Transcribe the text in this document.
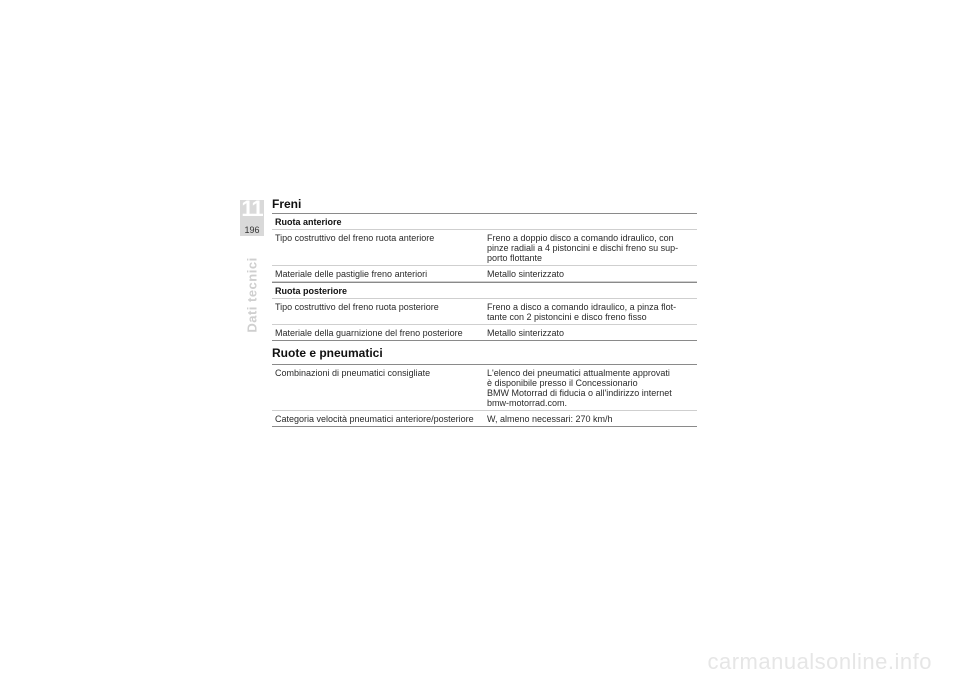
11
196
Dati tecnici
Freni
Ruota anteriore
Tipo costruttivo del freno ruota anteriore	Freno a doppio disco a comando idraulico, con
pinze radiali a 4 pistoncini e dischi freno su sup-
porto flottante
Materiale delle pastiglie freno anteriori	Metallo sinterizzato
Ruota posteriore
Tipo costruttivo del freno ruota posteriore	Freno a disco a comando idraulico, a pinza flot-
tante con 2 pistoncini e disco freno fisso
Materiale della guarnizione del freno posteriore	Metallo sinterizzato
Ruote e pneumatici
Combinazioni di pneumatici consigliate	L'elenco dei pneumatici attualmente approvati
è disponibile presso il Concessionario
BMW Motorrad di fiducia o all'indirizzo internet
bmw-motorrad.com.
Categoria velocità pneumatici anteriore/posteriore	W, almeno necessari: 270 km/h
carmanualsonline.info
